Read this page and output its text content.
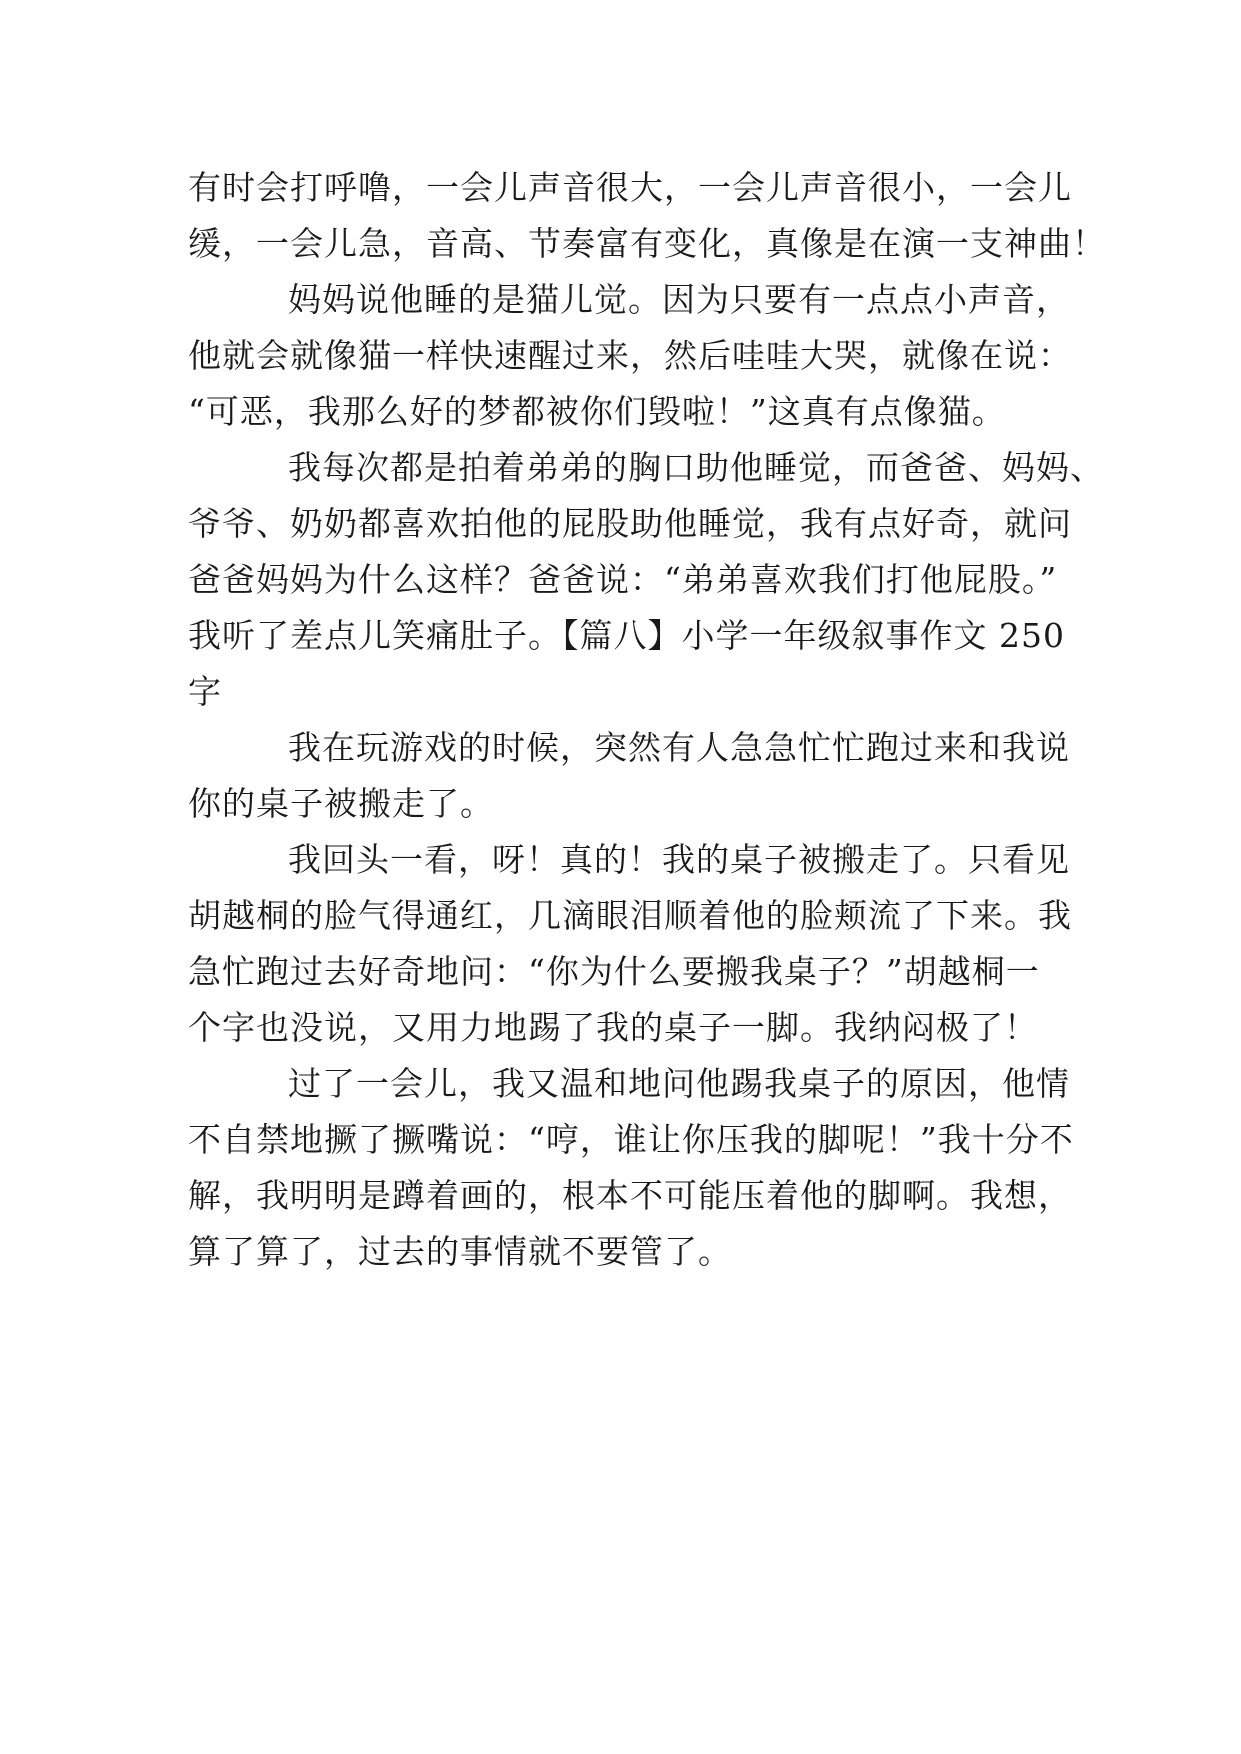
有时会打呼噜，一会儿声音很大，一会儿声音很小，一会儿
缓，一会儿急，音高、节奏富有变化，真像是在演一支神曲！
妈妈说他睡的是猫儿觉。因为只要有一点点小声音，
他就会就像猫一样快速醒过来，然后哇哇大哭，就像在说：
“可恶，我那么好的梦都被你们毁啦！”这真有点像猫。
我每次都是拍着弟弟的胸口助他睡觉，而爸爸、妈妈、
爷爷、奶奶都喜欢拍他的屁股助他睡觉，我有点好奇，就问
爸爸妈妈为什么这样？爸爸说：“弟弟喜欢我们打他屁股。”
我听了差点儿笑痛肚子。【篇八】小学一年级叙事作文 250
字
我在玩游戏的时候，突然有人急急忙忙跑过来和我说
你的桌子被搬走了。
我回头一看，呀！真的！我的桌子被搬走了。只看见
胡越桐的脸气得通红，几滴眼泪顺着他的脸颊流了下来。我
急忙跑过去好奇地问：“你为什么要搬我桌子？”胡越桐一
个字也没说，又用力地踢了我的桌子一脚。我纳闷极了！
过了一会儿，我又温和地问他踢我桌子的原因，他情
不自禁地撅了撅嘴说：“哼，谁让你压我的脚呢！”我十分不
解，我明明是蹲着画的，根本不可能压着他的脚啊。我想，
算了算了，过去的事情就不要管了。
